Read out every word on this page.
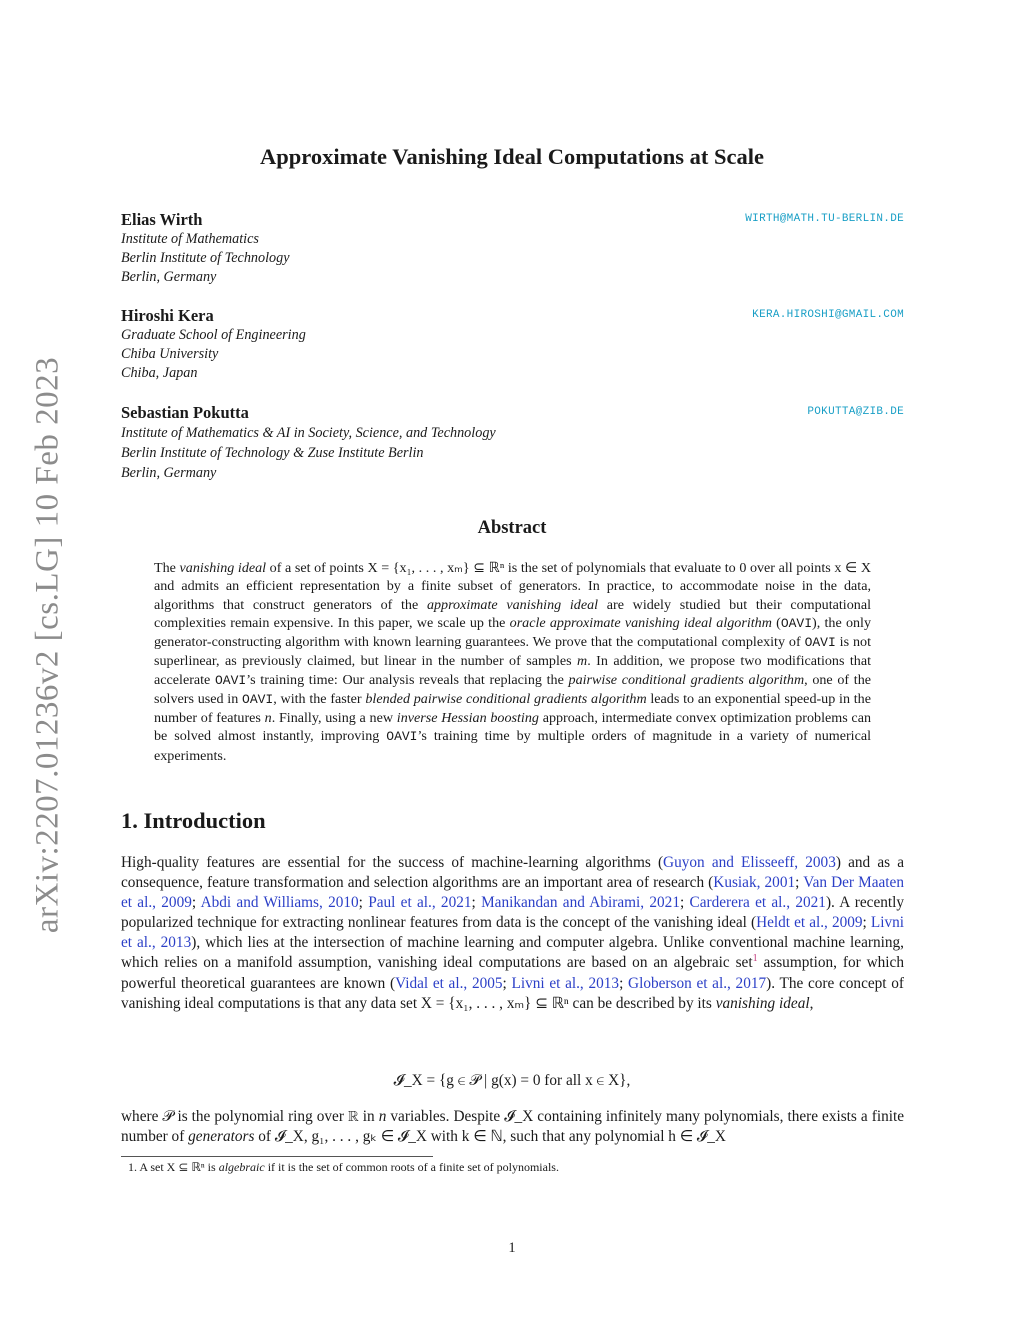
arXiv:2207.01236v2 [cs.LG] 10 Feb 2023
Approximate Vanishing Ideal Computations at Scale
Elias Wirth	WIRTH@MATH.TU-BERLIN.DE
Institute of Mathematics
Berlin Institute of Technology
Berlin, Germany
Hiroshi Kera	KERA.HIROSHI@GMAIL.COM
Graduate School of Engineering
Chiba University
Chiba, Japan
Sebastian Pokutta	POKUTTA@ZIB.DE
Institute of Mathematics & AI in Society, Science, and Technology
Berlin Institute of Technology & Zuse Institute Berlin
Berlin, Germany
Abstract
The vanishing ideal of a set of points X = {x₁, . . . , xₘ} ⊆ ℝⁿ is the set of polynomials that evaluate to 0 over all points x ∈ X and admits an efficient representation by a finite subset of generators. In practice, to accommodate noise in the data, algorithms that construct generators of the approximate vanishing ideal are widely studied but their computational complexities remain expensive. In this paper, we scale up the oracle approximate vanishing ideal algorithm (OAVI), the only generator-constructing algorithm with known learning guarantees. We prove that the computational complexity of OAVI is not superlinear, as previously claimed, but linear in the number of samples m. In addition, we propose two modifications that accelerate OAVI’s training time: Our analysis reveals that replacing the pairwise conditional gradients algorithm, one of the solvers used in OAVI, with the faster blended pairwise conditional gradients algorithm leads to an exponential speed-up in the number of features n. Finally, using a new inverse Hessian boosting approach, intermediate convex optimization problems can be solved almost instantly, improving OAVI’s training time by multiple orders of magnitude in a variety of numerical experiments.
1. Introduction
High-quality features are essential for the success of machine-learning algorithms (Guyon and Elisseeff, 2003) and as a consequence, feature transformation and selection algorithms are an important area of research (Kusiak, 2001; Van Der Maaten et al., 2009; Abdi and Williams, 2010; Paul et al., 2021; Manikandan and Abirami, 2021; Carderera et al., 2021). A recently popularized technique for extracting nonlinear features from data is the concept of the vanishing ideal (Heldt et al., 2009; Livni et al., 2013), which lies at the intersection of machine learning and computer algebra. Unlike conventional machine learning, which relies on a manifold assumption, vanishing ideal computations are based on an algebraic set$^1$ assumption, for which powerful theoretical guarantees are known (Vidal et al., 2005; Livni et al., 2013; Globerson et al., 2017). The core concept of vanishing ideal computations is that any data set X = {x₁, . . . , xₘ} ⊆ ℝⁿ can be described by its vanishing ideal,
𝓘_X = {g ∈ 𝒫 | g(x) = 0 for all x ∈ X},
where 𝒫 is the polynomial ring over ℝ in n variables. Despite 𝓘_X containing infinitely many polynomials, there exists a finite number of generators of 𝓘_X, g₁, . . . , gₖ ∈ 𝓘_X with k ∈ ℕ, such that any polynomial h ∈ 𝓘_X
1. A set X ⊆ ℝⁿ is algebraic if it is the set of common roots of a finite set of polynomials.
1
